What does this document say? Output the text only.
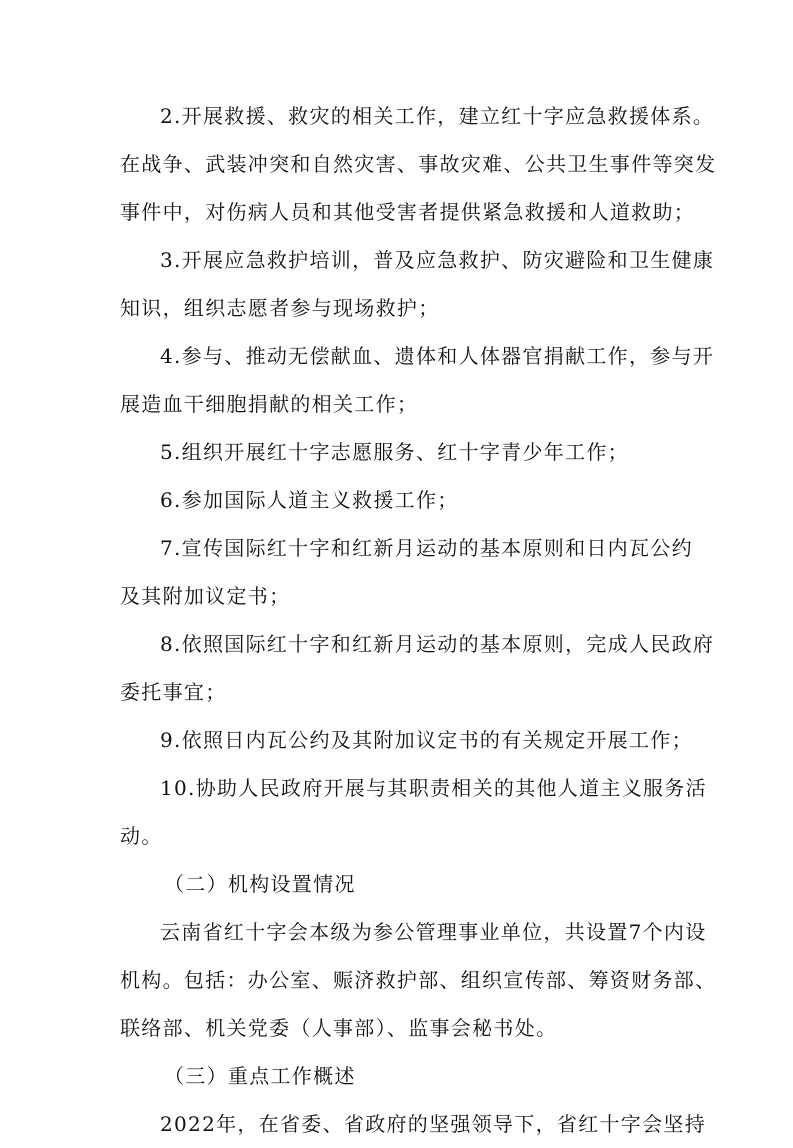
2.开展救援、救灾的相关工作，建立红十字应急救援体系。
在战争、武装冲突和自然灾害、事故灾难、公共卫生事件等突发
事件中，对伤病人员和其他受害者提供紧急救援和人道救助；
3.开展应急救护培训，普及应急救护、防灾避险和卫生健康
知识，组织志愿者参与现场救护；
4.参与、推动无偿献血、遗体和人体器官捐献工作，参与开
展造血干细胞捐献的相关工作；
5.组织开展红十字志愿服务、红十字青少年工作；
6.参加国际人道主义救援工作；
7.宣传国际红十字和红新月运动的基本原则和日内瓦公约
及其附加议定书；
8.依照国际红十字和红新月运动的基本原则，完成人民政府
委托事宜；
9.依照日内瓦公约及其附加议定书的有关规定开展工作；
10.协助人民政府开展与其职责相关的其他人道主义服务活
动。
（二）机构设置情况
云南省红十字会本级为参公管理事业单位，共设置7个内设
机构。包括：办公室、赈济救护部、组织宣传部、筹资财务部、
联络部、机关党委（人事部）、监事会秘书处。
（三）重点工作概述
2022年，在省委、省政府的坚强领导下，省红十字会坚持
